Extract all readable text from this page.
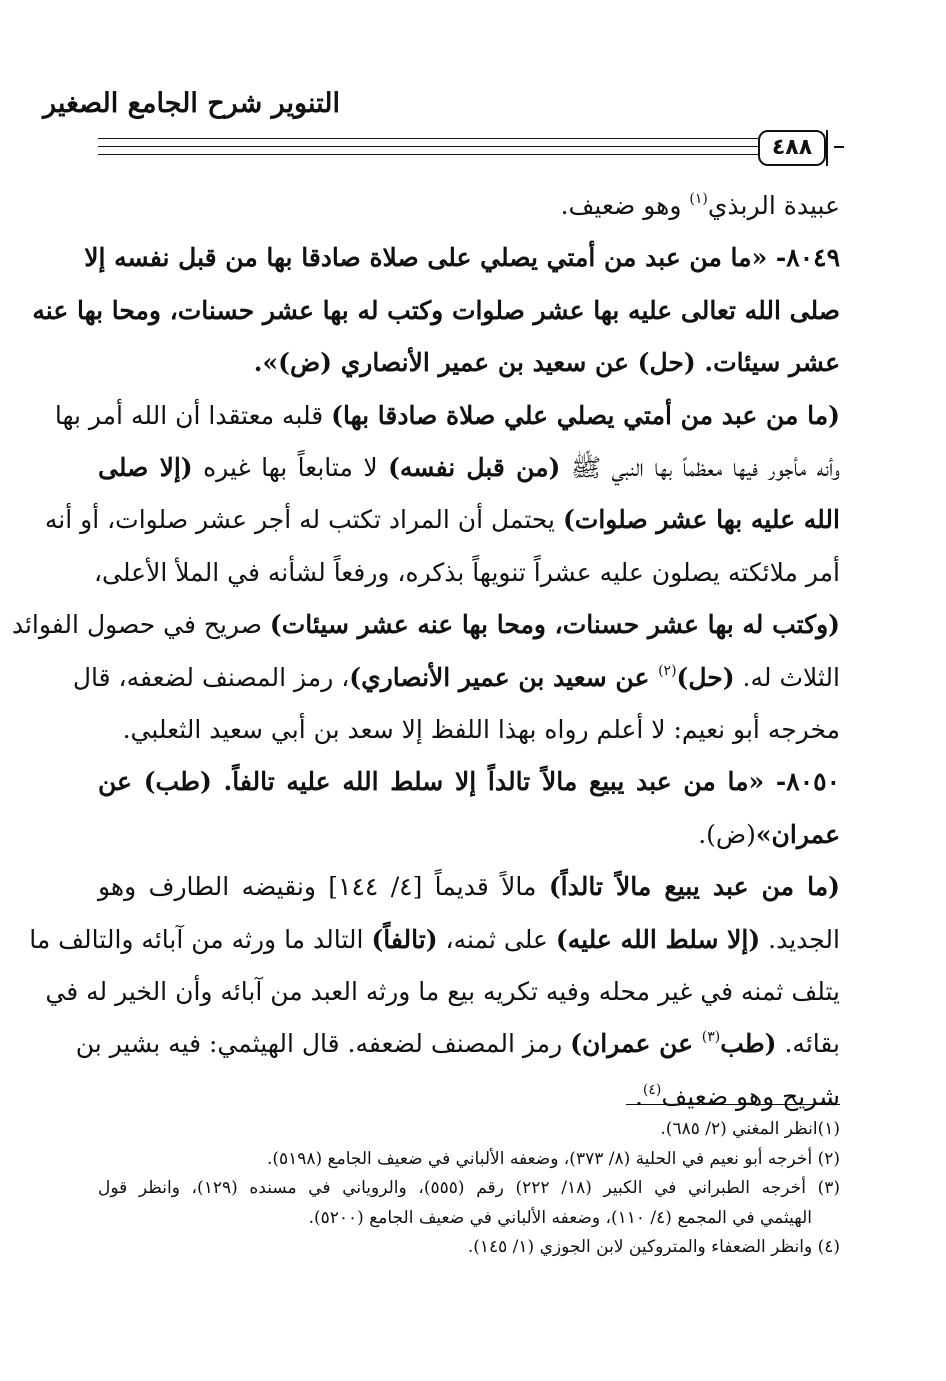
التنوير شرح الجامع الصغير
٤٨٨
عبيدة الربذي$^{(١)}$ وهو ضعيف.
٨٠٤٩- «ما من عبد من أمتي يصلي على صلاة صادقا بها من قبل نفسه إلا
صلى الله تعالى عليه بها عشر صلوات وكتب له بها عشر حسنات، ومحا بها عنه
عشر سيئات. (حل) عن سعيد بن عمير الأنصاري (ض)».
(ما من عبد من أمتي يصلي علي صلاة صادقا بها) قلبه معتقدا أن الله أمر بها
وأنه مأجور فيها معظماً بها النبي ﷺ (من قبل نفسه) لا متابعاً بها غيره (إلا صلى
الله عليه بها عشر صلوات) يحتمل أن المراد تكتب له أجر عشر صلوات، أو أنه
أمر ملائكته يصلون عليه عشراً تنويهاً بذكره، ورفعاً لشأنه في الملأ الأعلى،
(وكتب له بها عشر حسنات، ومحا بها عنه عشر سيئات) صريح في حصول الفوائد
الثلاث له. (حل)$^{(٢)}$ عن سعيد بن عمير الأنصاري)، رمز المصنف لضعفه، قال
مخرجه أبو نعيم: لا أعلم رواه بهذا اللفظ إلا سعد بن أبي سعيد الثعلبي.
٨٠٥٠- «ما من عبد يبيع مالاً تالداً إلا سلط الله عليه تالفاً. (طب) عن
عمران»(ض).
(ما من عبد يبيع مالاً تالداً) مالاً قديماً [٤/ ١٤٤] ونقيضه الطارف وهو
الجديد. (إلا سلط الله عليه) على ثمنه، (تالفاً) التالد ما ورثه من آبائه والتالف ما
يتلف ثمنه في غير محله وفيه تكريه بيع ما ورثه العبد من آبائه وأن الخير له في
بقائه. (طب$^{(٣)}$ عن عمران) رمز المصنف لضعفه. قال الهيثمي: فيه بشير بن
شريح وهو ضعيف$^{(٤)}$.
(١)انظر المغني (٢/ ٦٨٥).
(٢) أخرجه أبو نعيم في الحلية (٨/ ٣٧٣)، وضعفه الألباني في ضعيف الجامع (٥١٩٨).
(٣) أخرجه الطبراني في الكبير (١٨/ ٢٢٢) رقم (٥٥٥)، والروياني في مسنده (١٢٩)، وانظر قول
الهيثمي في المجمع (٤/ ١١٠)، وضعفه الألباني في ضعيف الجامع (٥٢٠٠).
(٤) وانظر الضعفاء والمتروكين لابن الجوزي (١/ ١٤٥).
